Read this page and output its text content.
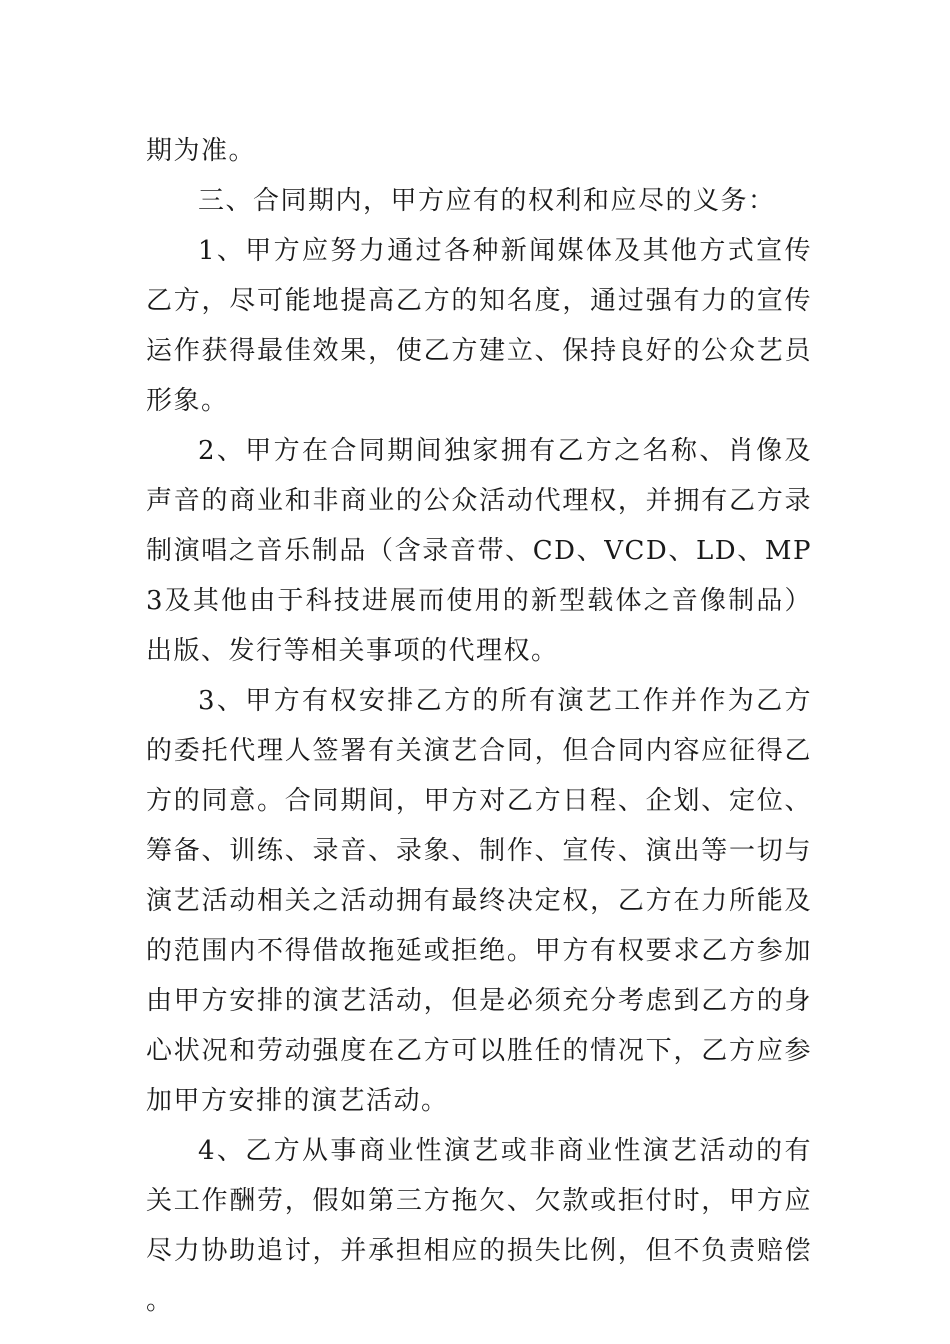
期为准。

三、合同期内，甲方应有的权利和应尽的义务：

1、甲方应努力通过各种新闻媒体及其他方式宣传乙方，尽可能地提高乙方的知名度，通过强有力的宣传运作获得最佳效果，使乙方建立、保持良好的公众艺员形象。

2、甲方在合同期间独家拥有乙方之名称、肖像及声音的商业和非商业的公众活动代理权，并拥有乙方录制演唱之音乐制品（含录音带、CD、VCD、LD、MP3及其他由于科技进展而使用的新型载体之音像制品）出版、发行等相关事项的代理权。

3、甲方有权安排乙方的所有演艺工作并作为乙方的委托代理人签署有关演艺合同，但合同内容应征得乙方的同意。合同期间，甲方对乙方日程、企划、定位、筹备、训练、录音、录象、制作、宣传、演出等一切与演艺活动相关之活动拥有最终决定权，乙方在力所能及的范围内不得借故拖延或拒绝。甲方有权要求乙方参加由甲方安排的演艺活动，但是必须充分考虑到乙方的身心状况和劳动强度在乙方可以胜任的情况下，乙方应参加甲方安排的演艺活动。

4、乙方从事商业性演艺或非商业性演艺活动的有关工作酬劳，假如第三方拖欠、欠款或拒付时，甲方应尽力协助追讨，并承担相应的损失比例，但不负责赔偿。
